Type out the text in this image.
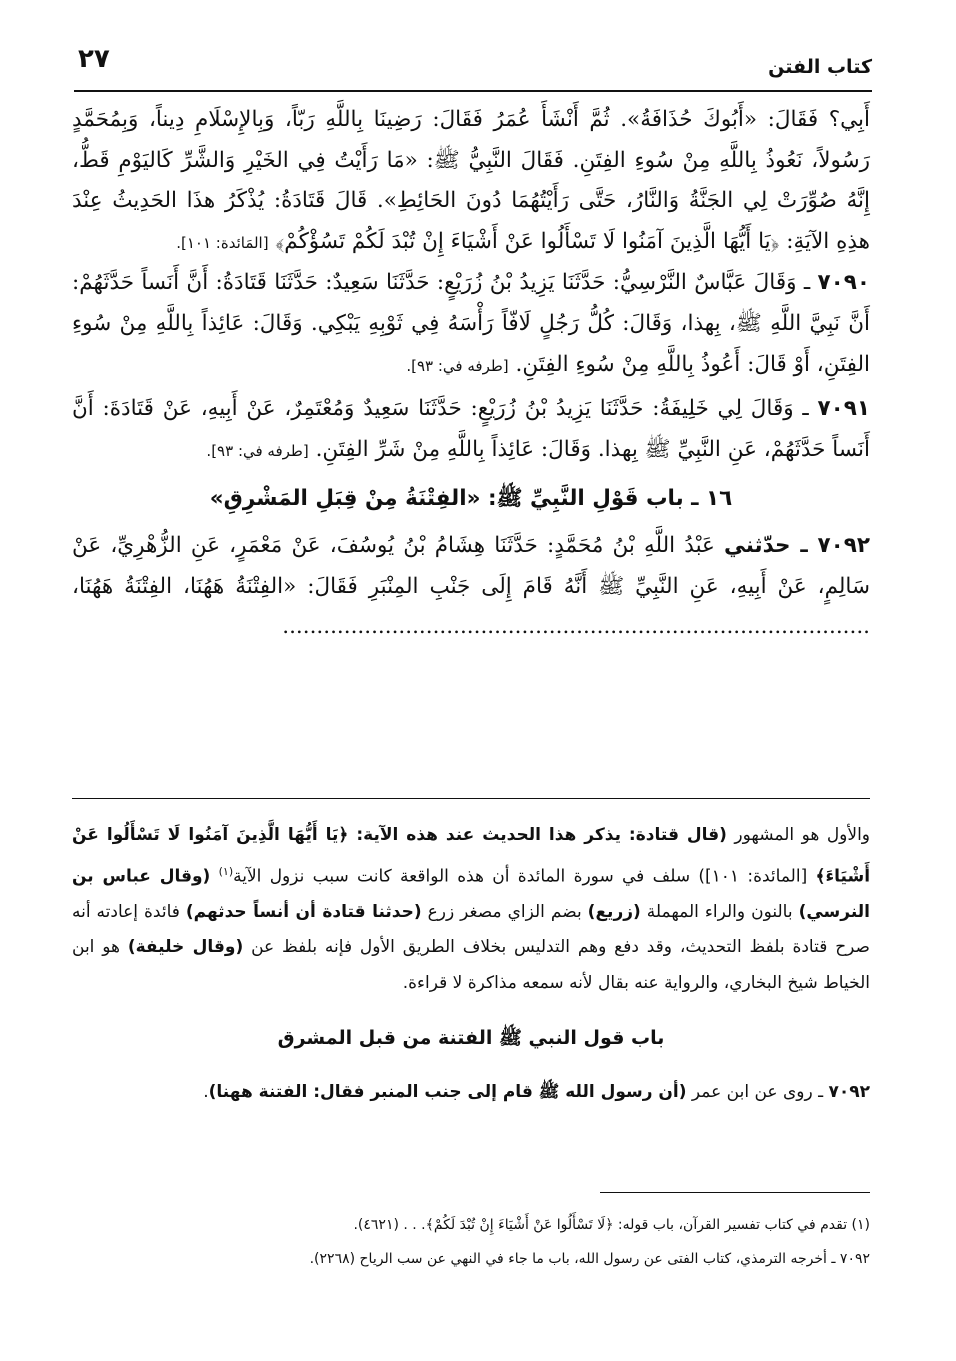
٢٧	كتاب الفتن

أَبِي؟ فَقَالَ: «أَبُوكَ حُذَافَةُ». ثُمَّ أَنْشَأَ عُمَرُ فَقَالَ: رَضِينَا بِاللَّهِ رَبّاً، وَبِالإِسْلَامِ دِيناً، وَبِمُحَمَّدٍ رَسُولاً، نَعُوذُ بِاللَّهِ مِنْ سُوءِ الفِتَنِ. فَقَالَ النَّبِيُّ ﷺ: «مَا رَأَيْتُ فِي الخَيْرِ وَالشَّرِّ كَاليَوْمِ قَطُّ، إِنَّهُ صُوِّرَتْ لِي الجَنَّةُ وَالنَّارُ، حَتَّى رَأَيْتُهُمَا دُونَ الحَائِطِ». قَالَ قَتَادَةُ: يُذْكَرُ هذَا الحَدِيثُ عِنْدَ هذِهِ الآيَةِ: ﴿يَا أَيُّهَا الَّذِينَ آمَنُوا لَا تَسْأَلُوا عَنْ أَشْيَاءَ إِنْ تُبْدَ لَكُمْ تَسُؤْكُمْ﴾ [المَائدة: ١٠١].

٧٠٩٠ ـ وَقَالَ عَبَّاسٌ النَّرْسِيُّ: حَدَّثَنَا يَزِيدُ بْنُ زُرَيْعٍ: حَدَّثَنَا سَعِيدٌ: حَدَّثَنَا قَتَادَةُ: أَنَّ أَنَساً حَدَّثَهُمْ: أَنَّ نَبِيَّ اللَّهِ ﷺ، بِهذا، وَقَالَ: كُلُّ رَجُلٍ لَافّاً رَأْسَهُ فِي ثَوْبِهِ يَبْكِي. وَقَالَ: عَائِذاً بِاللَّهِ مِنْ سُوءِ الفِتَنِ، أَوْ قَالَ: أَعُوذُ بِاللَّهِ مِنْ سُوءِ الفِتَنِ. [طرفه في: ٩٣].

٧٠٩١ ـ وَقَالَ لِي خَلِيفَةُ: حَدَّثَنَا يَزِيدُ بْنُ زُرَيْعٍ: حَدَّثَنَا سَعِيدٌ وَمُعْتَمِرٌ، عَنْ أَبِيهِ، عَنْ قَتَادَةَ: أَنَّ أَنَساً حَدَّثَهُمْ، عَنِ النَّبِيِّ ﷺ بِهذا. وَقَالَ: عَائِذاً بِاللَّهِ مِنْ شَرِّ الفِتَنِ. [طرفه في: ٩٣].

١٦ ـ باب قَوْلِ النَّبِيِّ ﷺ: «الفِتْنَةُ مِنْ قِبَلِ المَشْرِقِ»

٧٠٩٢ ـ حدّثني عَبْدُ اللَّهِ بْنُ مُحَمَّدٍ: حَدَّثَنَا هِشَامُ بْنُ يُوسُفَ، عَنْ مَعْمَرٍ، عَنِ الزُّهْرِيِّ، عَنْ سَالِمٍ، عَنْ أَبِيهِ، عَنِ النَّبِيِّ ﷺ أَنَّهُ قَامَ إِلَى جَنْبِ المِنْبَرِ فَقَالَ: «الفِتْنَةُ هَهُنَا، الفِتْنَةُ هَهُنَا، ......................................................................................

والأول هو المشهور (قال قتادة: يذكر هذا الحديث عند هذه الآية: ﴿يَا أَيُّهَا الَّذِينَ آمَنُوا لَا تَسْأَلُوا عَنْ أَشْيَاءَ﴾ [المائدة: ١٠١]) سلف في سورة المائدة أن هذه الواقعة كانت سبب نزول الآية$^{(١)}$ (وقال عباس بن النرسي) بالنون والراء المهملة (زريع) بضم الزاي مصغر زرع (حدثنا قتادة أن أنساً حدثهم) فائدة إعادته أنه صرح قتادة بلفظ التحديث، وقد دفع وهم التدليس بخلاف الطريق الأول فإنه بلفظ عن (وقال خليفة) هو ابن الخياط شيخ البخاري، والرواية عنه بقال لأنه سمعه مذاكرة لا قراءة.

باب قول النبي ﷺ الفتنة من قبل المشرق

٧٠٩٢ ـ روى عن ابن عمر (أن رسول الله ﷺ قام إلى جنب المنبر فقال: الفتنة ههنا).

(١) تقدم في كتاب تفسير القرآن، باب قوله: ﴿لَا تَسْأَلُوا عَنْ أَشْيَاءَ إِنْ تُبْدَ لَكُمْ﴾. . . (٤٦٢١).

٧٠٩٢ ـ أخرجه الترمذي، كتاب الفتى عن رسول الله، باب ما جاء في النهي عن سب الرياح (٢٢٦٨).
